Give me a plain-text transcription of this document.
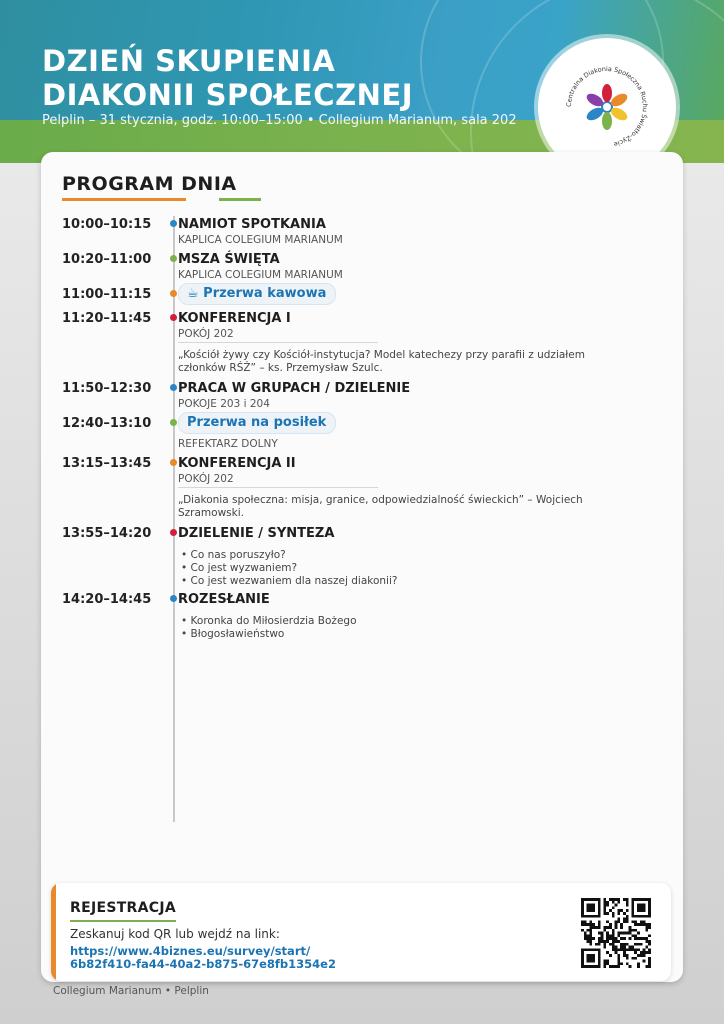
DZIEŃ SKUPIENIA
DIAKONII SPOŁECZNEJ
Pelplin – 31 stycznia, godz. 10:00–15:00 • Collegium Marianum, sala 202
Centralna Diakonia Społeczna Ruchu Światło-Życie
PROGRAM DNIA
10:00–10:15 NAMIOT SPOTKANIA
KAPLICA COLEGIUM MARIANUM
10:20–11:00 MSZA ŚWIĘTA
KAPLICA COLEGIUM MARIANUM
11:00–11:15	☕ Przerwa kawowa
11:20–11:45 KONFERENCJA I
POKÓJ 202
„Kościół żywy czy Kościół-instytucja? Model katechezy przy parafii z udziałem członków RŚŻ” – ks. Przemysław Szulc.
11:50–12:30 PRACA W GRUPACH / DZIELENIE
POKOJE 203 i 204
12:40–13:10	Przerwa na posiłek
REFEKTARZ DOLNY
13:15–13:45 KONFERENCJA II
POKÓJ 202
„Diakonia społeczna: misja, granice, odpowiedzialność świeckich” – Wojciech Szramowski.
13:55–14:20 DZIELENIE / SYNTEZA
• Co nas poruszyło?
• Co jest wyzwaniem?
• Co jest wezwaniem dla naszej diakonii?
14:20–14:45 ROZESŁANIE
• Koronka do Miłosierdzia Bożego
• Błogosławieństwo
REJESTRACJA
Zeskanuj kod QR lub wejdź na link:
https://www.4biznes.eu/survey/start/
6b82f410-fa44-40a2-b875-67e8fb1354e2
Collegium Marianum • Pelplin
